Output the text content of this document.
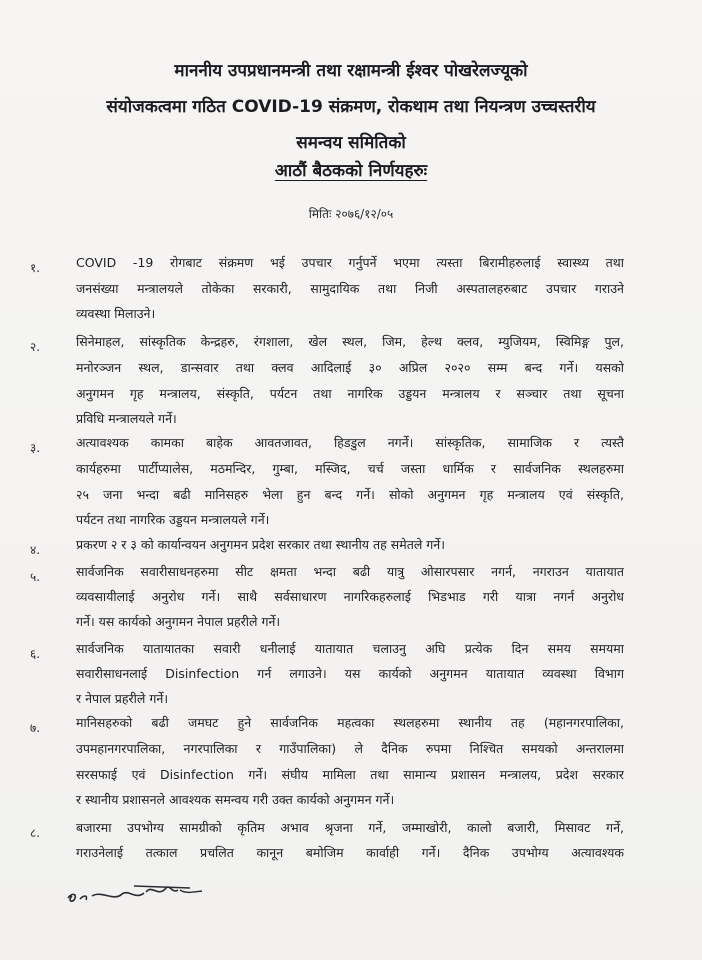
माननीय उपप्रधानमन्त्री तथा रक्षामन्त्री ईश्वर पोखरेलज्यूको
संयोजकत्वमा गठित COVID-19 संक्रमण, रोकथाम तथा नियन्त्रण उच्चस्तरीय
समन्वय समितिको
आठौं बैठकको निर्णयहरुः
मितिः २०७६/१२/०५
१.	COVID -19 रोगबाट संक्रमण भई उपचार गर्नुपर्ने भएमा त्यस्ता बिरामीहरुलाई स्वास्थ्य तथा
जनसंख्या मन्त्रालयले तोकेका सरकारी, सामुदायिक तथा निजी अस्पतालहरुबाट उपचार गराउने
व्यवस्था मिलाउने।
२.	सिनेमाहल, सांस्कृतिक केन्द्रहरु, रंगशाला, खेल स्थल, जिम, हेल्थ क्लव, म्युजियम, स्विमिङ्ग पुल,
मनोरञ्जन स्थल, डान्सवार तथा क्लव आदिलाई ३० अप्रिल २०२० सम्म बन्द गर्ने। यसको
अनुगमन गृह मन्त्रालय, संस्कृति, पर्यटन तथा नागरिक उड्डयन मन्त्रालय र सञ्चार तथा सूचना
प्रविधि मन्त्रालयले गर्ने।
३.	अत्यावश्यक कामका बाहेक आवतजावत, हिडडुल नगर्ने। सांस्कृतिक, सामाजिक र त्यस्तै
कार्यहरुमा पार्टीप्यालेस, मठमन्दिर, गुम्बा, मस्जिद, चर्च जस्ता धार्मिक र सार्वजनिक स्थलहरुमा
२५ जना भन्दा बढी मानिसहरु भेला हुन बन्द गर्ने। सोको अनुगमन गृह मन्त्रालय एवं संस्कृति,
पर्यटन तथा नागरिक उड्डयन मन्त्रालयले गर्ने।
४.	प्रकरण २ र ३ को कार्यान्वयन अनुगमन प्रदेश सरकार तथा स्थानीय तह समेतले गर्ने।
५.	सार्वजनिक सवारीसाधनहरुमा सीट क्षमता भन्दा बढी यात्रु ओसारपसार नगर्न, नगराउन यातायात
व्यवसायीलाई अनुरोध गर्ने। साथै सर्वसाधारण नागरिकहरुलाई भिडभाड गरी यात्रा नगर्न अनुरोध
गर्ने। यस कार्यको अनुगमन नेपाल प्रहरीले गर्ने।
६.	सार्वजनिक यातायातका सवारी धनीलाई यातायात चलाउनु अघि प्रत्येक दिन समय समयमा
सवारीसाधनलाई Disinfection गर्न लगाउने। यस कार्यको अनुगमन यातायात व्यवस्था विभाग
र नेपाल प्रहरीले गर्ने।
७.	मानिसहरुको बढी जमघट हुने सार्वजनिक महत्वका स्थलहरुमा स्थानीय तह (महानगरपालिका,
उपमहानगरपालिका, नगरपालिका र गाउँपालिका) ले दैनिक रुपमा निश्चित समयको अन्तरालमा
सरसफाई एवं Disinfection गर्ने। संघीय मामिला तथा सामान्य प्रशासन मन्त्रालय, प्रदेश सरकार
र स्थानीय प्रशासनले आवश्यक समन्वय गरी उक्त कार्यको अनुगमन गर्ने।
८.	बजारमा उपभोग्य सामग्रीको कृतिम अभाव श्रृजना गर्ने, जम्माखोरी, कालो बजारी, मिसावट गर्ने,
गराउनेलाई तत्काल प्रचलित कानून बमोजिम कार्वाही गर्ने। दैनिक उपभोग्य अत्यावश्यक
